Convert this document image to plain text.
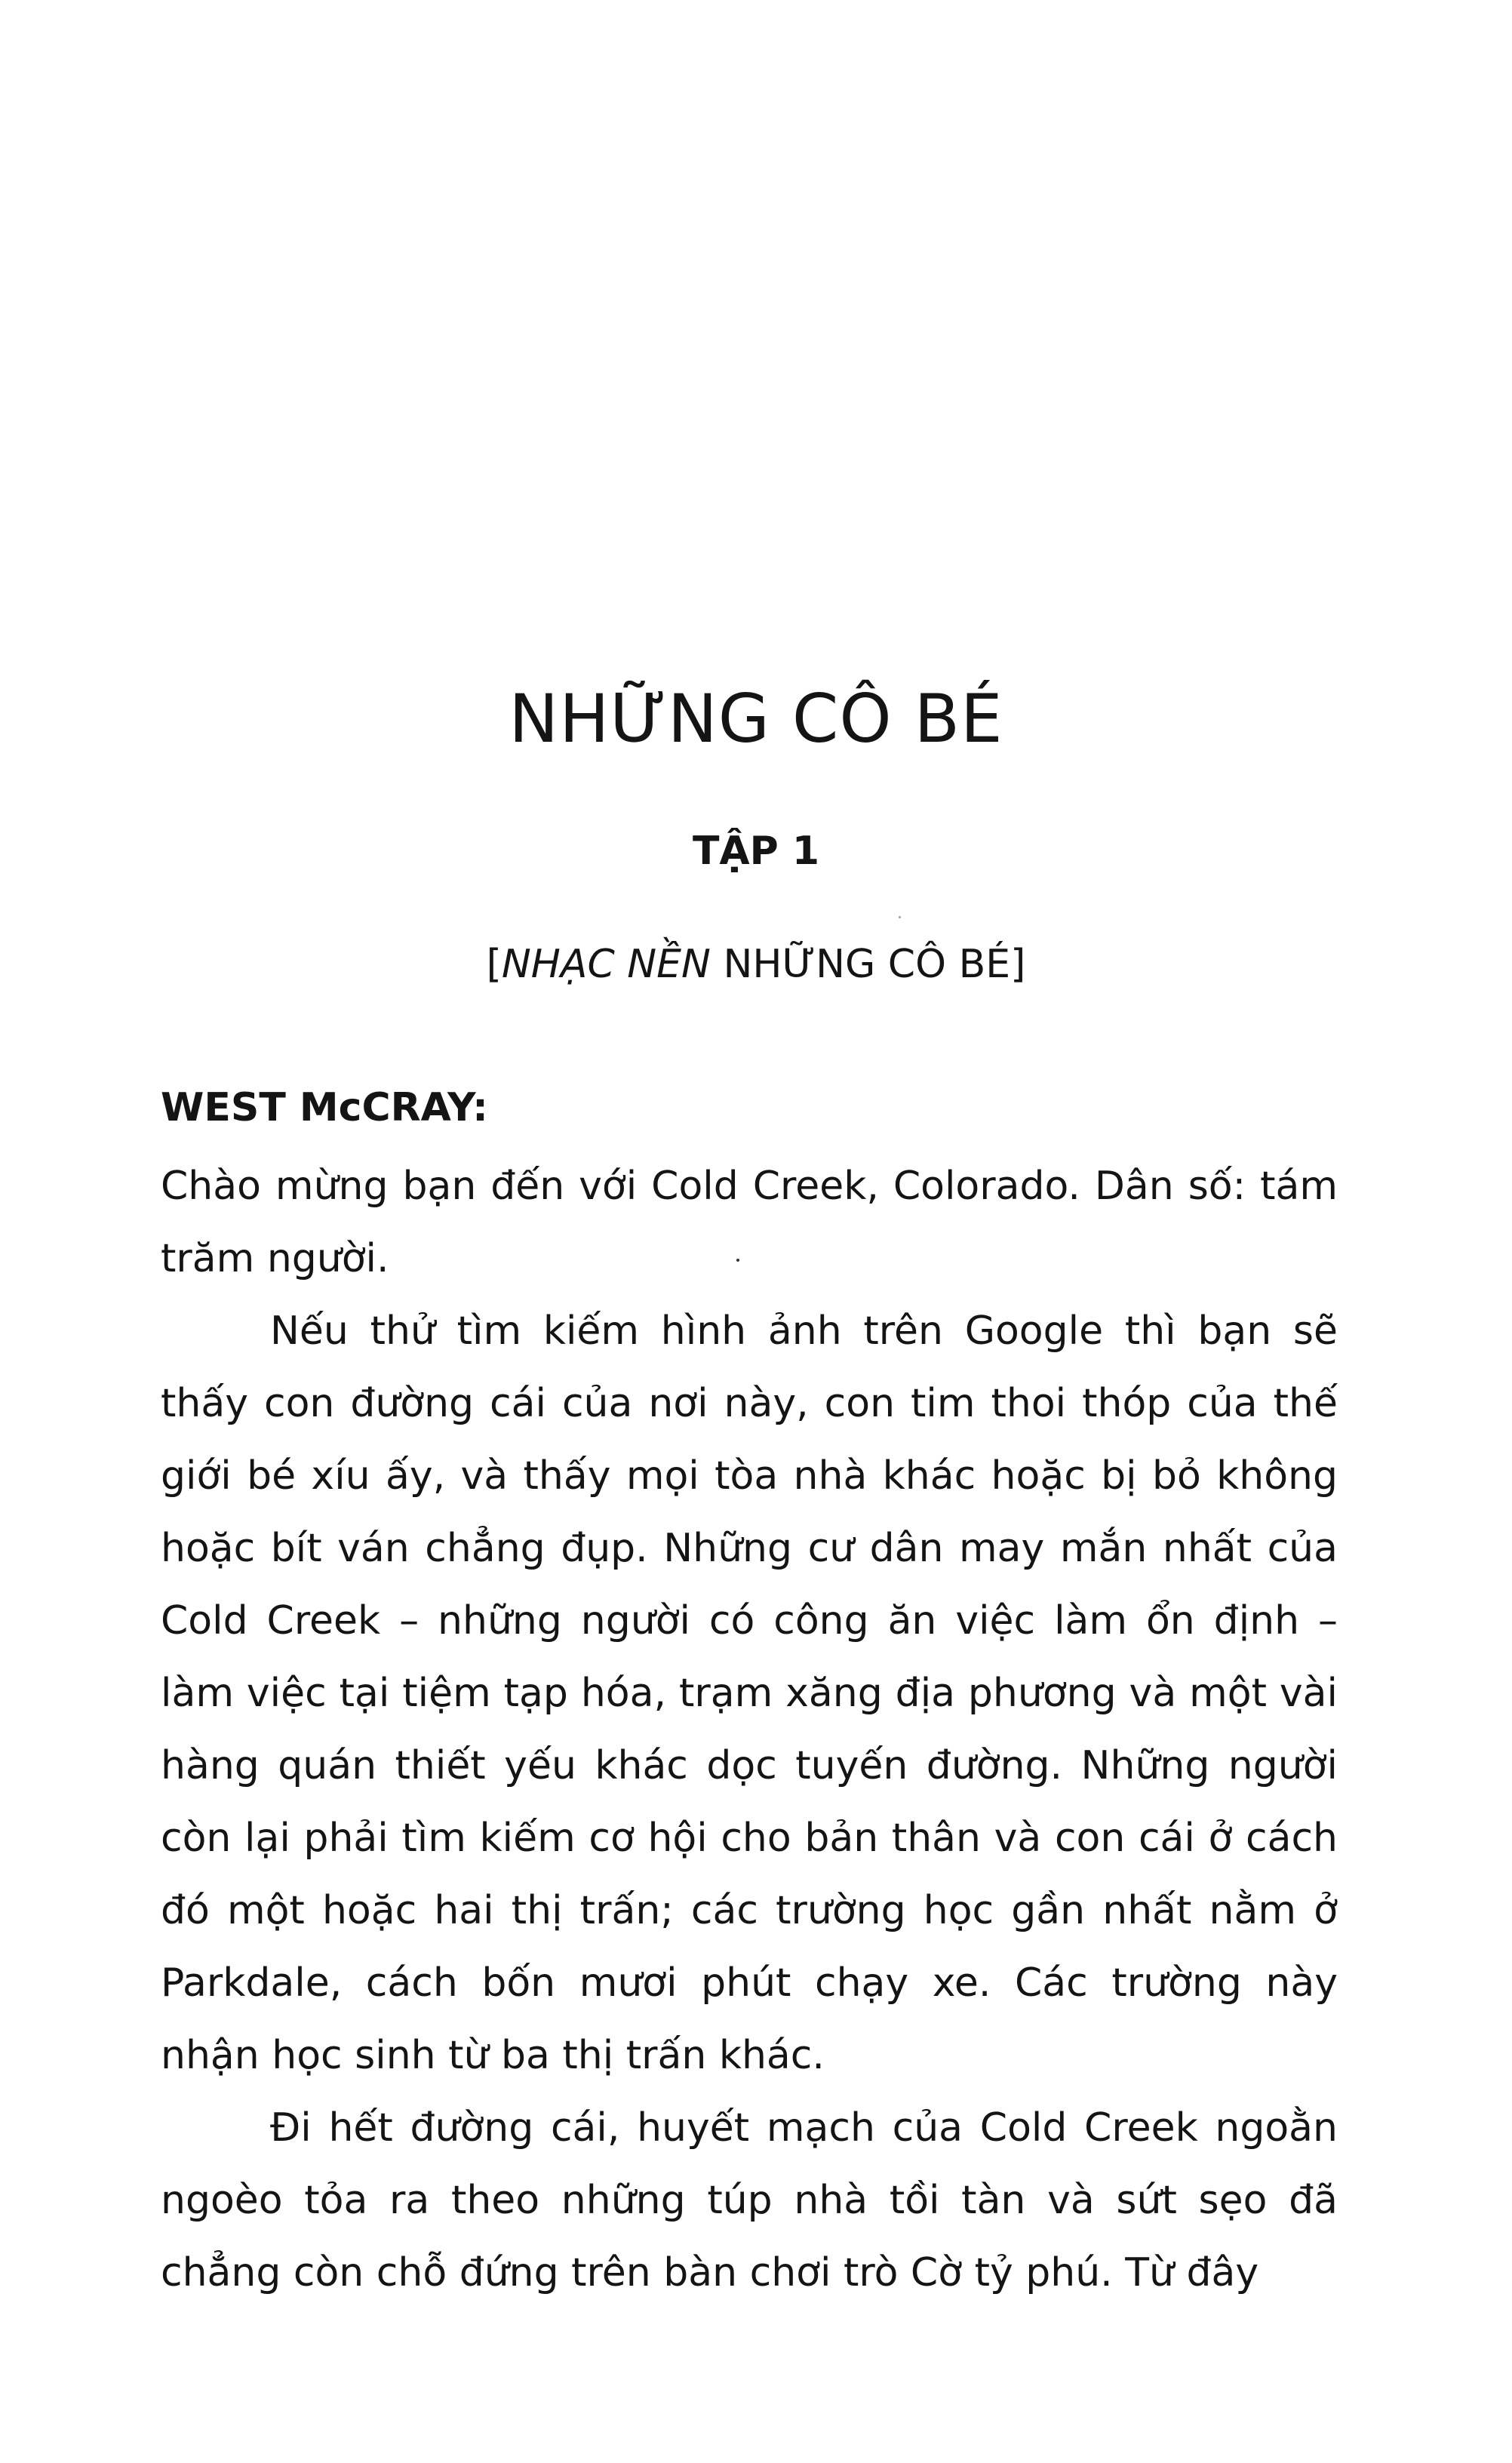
NHỮNG CÔ BÉ
TẬP 1
[NHẠC NỀN NHỮNG CÔ BÉ]
WEST McCRAY:

Chào mừng bạn đến với Cold Creek, Colorado. Dân số: tám trăm người.

Nếu thử tìm kiếm hình ảnh trên Google thì bạn sẽ thấy con đường cái của nơi này, con tim thoi thóp của thế giới bé xíu ấy, và thấy mọi tòa nhà khác hoặc bị bỏ không hoặc bít ván chẳng đụp. Những cư dân may mắn nhất của Cold Creek – những người có công ăn việc làm ổn định – làm việc tại tiệm tạp hóa, trạm xăng địa phương và một vài hàng quán thiết yếu khác dọc tuyến đường. Những người còn lại phải tìm kiếm cơ hội cho bản thân và con cái ở cách đó một hoặc hai thị trấn; các trường học gần nhất nằm ở Parkdale, cách bốn mươi phút chạy xe. Các trường này nhận học sinh từ ba thị trấn khác.

Đi hết đường cái, huyết mạch của Cold Creek ngoằn ngoèo tỏa ra theo những túp nhà tồi tàn và sứt sẹo đã chẳng còn chỗ đứng trên bàn chơi trò Cờ tỷ phú. Từ đây
